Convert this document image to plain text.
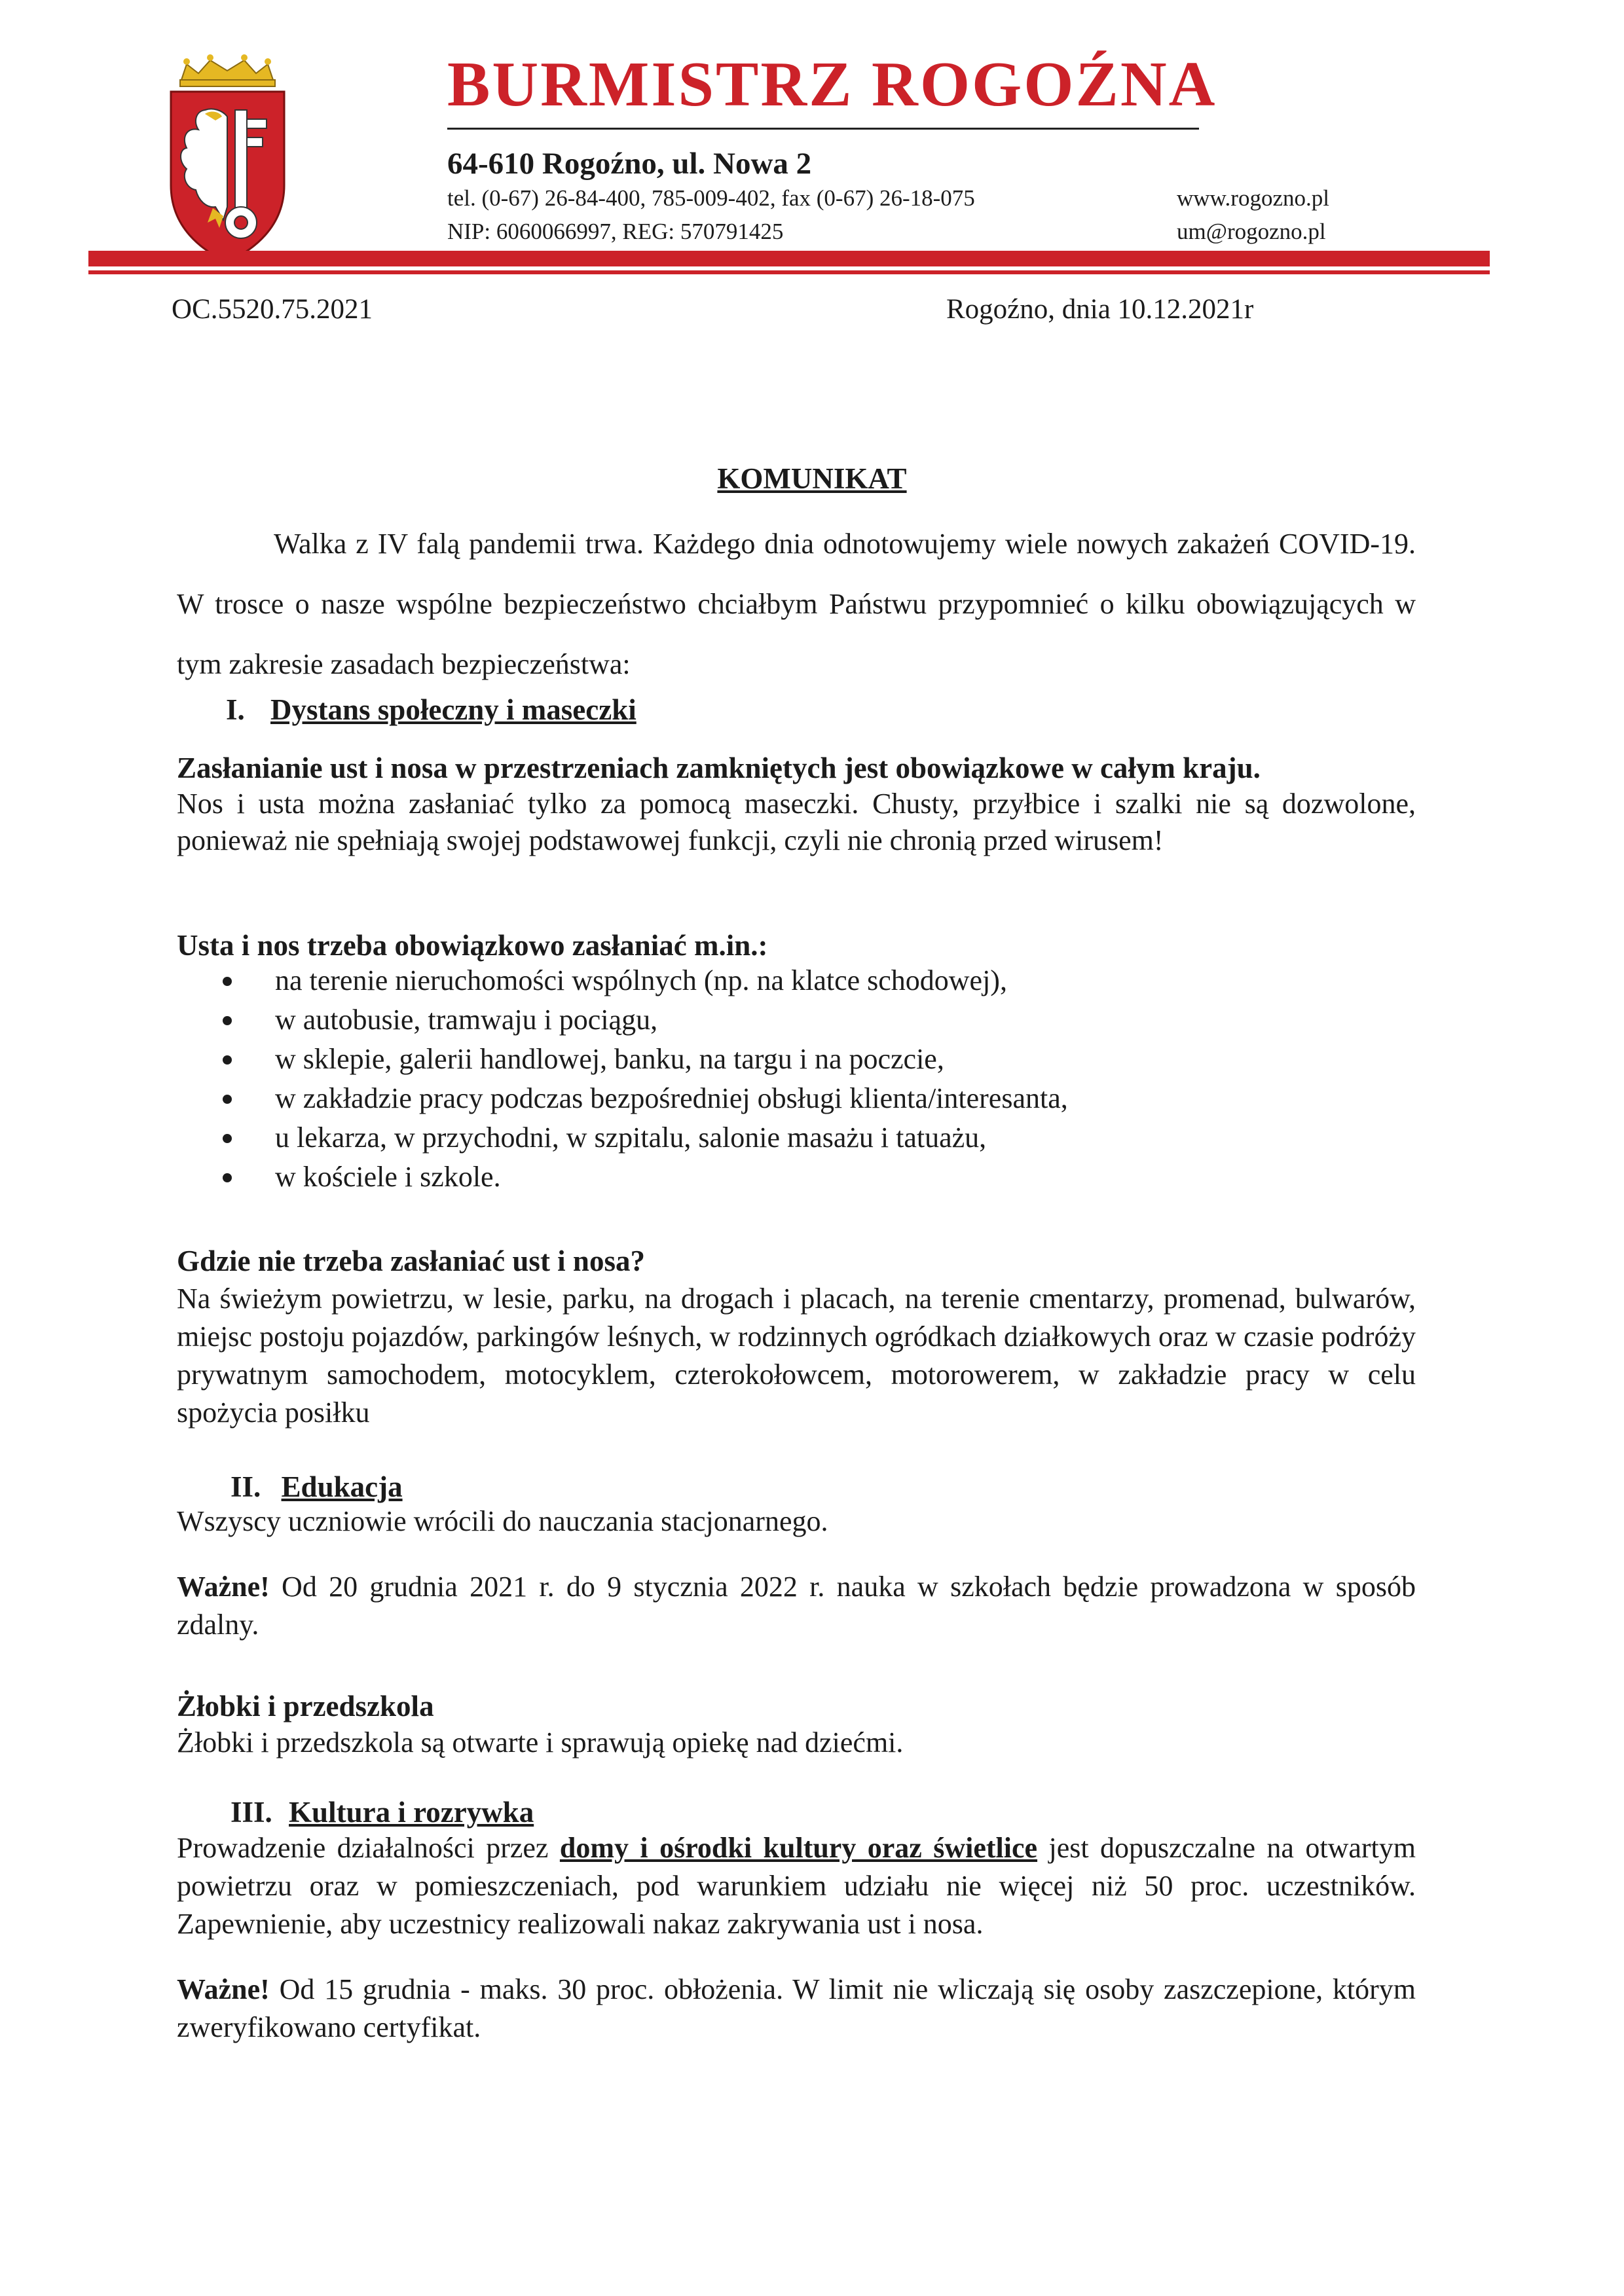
BURMISTRZ ROGOŹNA
64-610 Rogoźno, ul. Nowa 2
tel. (0-67) 26-84-400, 785-009-402, fax (0-67) 26-18-075
NIP: 6060066997, REG: 570791425
www.rogozno.pl
um@rogozno.pl
OC.5520.75.2021	Rogoźno, dnia 10.12.2021r
KOMUNIKAT

Walka z IV falą pandemii trwa. Każdego dnia odnotowujemy wiele nowych zakażeń COVID-19. W trosce o nasze wspólne bezpieczeństwo chciałbym Państwu przypomnieć o kilku obowiązujących w tym zakresie zasadach bezpieczeństwa:

I. Dystans społeczny i maseczki

Zasłanianie ust i nosa w przestrzeniach zamkniętych jest obowiązkowe w całym kraju.

Nos i usta można zasłaniać tylko za pomocą maseczki. Chusty, przyłbice i szalki nie są dozwolone, ponieważ nie spełniają swojej podstawowej funkcji, czyli nie chronią przed wirusem!

Usta i nos trzeba obowiązkowo zasłaniać m.in.:
na terenie nieruchomości wspólnych (np. na klatce schodowej),
w autobusie, tramwaju i pociągu,
w sklepie, galerii handlowej, banku, na targu i na poczcie,
w zakładzie pracy podczas bezpośredniej obsługi klienta/interesanta,
u lekarza, w przychodni, w szpitalu, salonie masażu i tatuażu,
w kościele i szkole.
Gdzie nie trzeba zasłaniać ust i nosa?

Na świeżym powietrzu, w lesie, parku, na drogach i placach, na terenie cmentarzy, promenad, bulwarów, miejsc postoju pojazdów, parkingów leśnych, w rodzinnych ogródkach działkowych oraz w czasie podróży prywatnym samochodem, motocyklem, czterokołowcem, motorowerem, w zakładzie pracy w celu spożycia posiłku

II. Edukacja
Wszyscy uczniowie wrócili do nauczania stacjonarnego.

Ważne! Od 20 grudnia 2021 r. do 9 stycznia 2022 r. nauka w szkołach będzie prowadzona w sposób zdalny.

Żłobki i przedszkola
Żłobki i przedszkola są otwarte i sprawują opiekę nad dziećmi.
III. Kultura i rozrywka

Prowadzenie działalności przez domy i ośrodki kultury oraz świetlice jest dopuszczalne na otwartym powietrzu oraz w pomieszczeniach, pod warunkiem udziału nie więcej niż 50 proc. uczestników. Zapewnienie, aby uczestnicy realizowali nakaz zakrywania ust i nosa.

Ważne! Od 15 grudnia - maks. 30 proc. obłożenia. W limit nie wliczają się osoby zaszczepione, którym zweryfikowano certyfikat.
